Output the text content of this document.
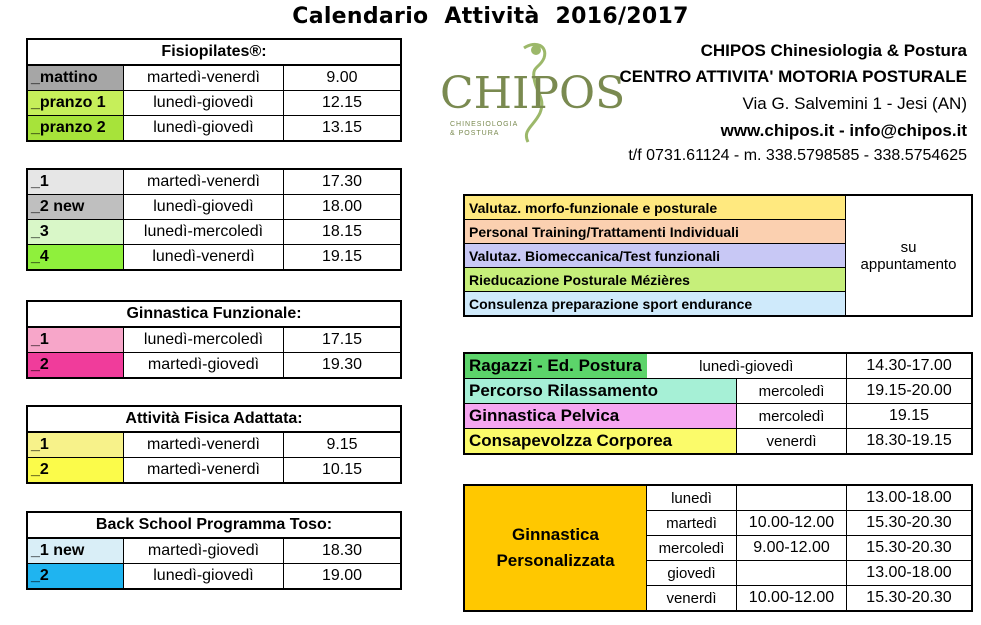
Calendario  Attività  2016/2017
CHIPOS Chinesiologia & Postura
CENTRO ATTIVITA' MOTORIA POSTURALE
Via G. Salvemini 1 - Jesi (AN)
www.chipos.it - info@chipos.it
t/f 0731.61124 - m. 338.5798585 - 338.5754625
CHIPOS
CHINESIOLOGIA
& POSTURA
Fisiopilates®:		
_mattino	martedì-venerdì	9.00
_pranzo 1	lunedì-giovedì	12.15
_pranzo 2	lunedì-giovedì	13.15
_1	martedì-venerdì	17.30
_2 new	lunedì-giovedì	18.00
_3	lunedì-mercoledì	18.15
_4	lunedì-venerdì	19.15
Ginnastica Funzionale:		
_1	lunedì-mercoledì	17.15
_2	martedì-giovedì	19.30
Attività Fisica Adattata:		
_1	martedì-venerdì	9.15
_2	martedì-venerdì	10.15
Back School Programma Toso:		
_1 new	martedì-giovedì	18.30
_2	lunedì-giovedì	19.00
Valutaz. morfo-funzionale e posturale	
su
appuntamento

Personal Training/Trattamenti Individuali
Valutaz. Biomeccanica/Test funzionali
Rieducazione Posturale Mézières
Consulenza preparazione sport endurance
Ragazzi - Ed. Postura	lunedì-giovedì		14.30-17.00
Percorso Rilassamento		mercoledì	19.15-20.00
Ginnastica Pelvica		mercoledì	19.15
Consapevolzza Corporea		venerdì	18.30-19.15
Ginnastica
Personalizzata	lunedì		13.00-18.00
	martedì	10.00-12.00	15.30-20.30
	mercoledì	9.00-12.00	15.30-20.30
	giovedì		13.00-18.00
	venerdì	10.00-12.00	15.30-20.30
